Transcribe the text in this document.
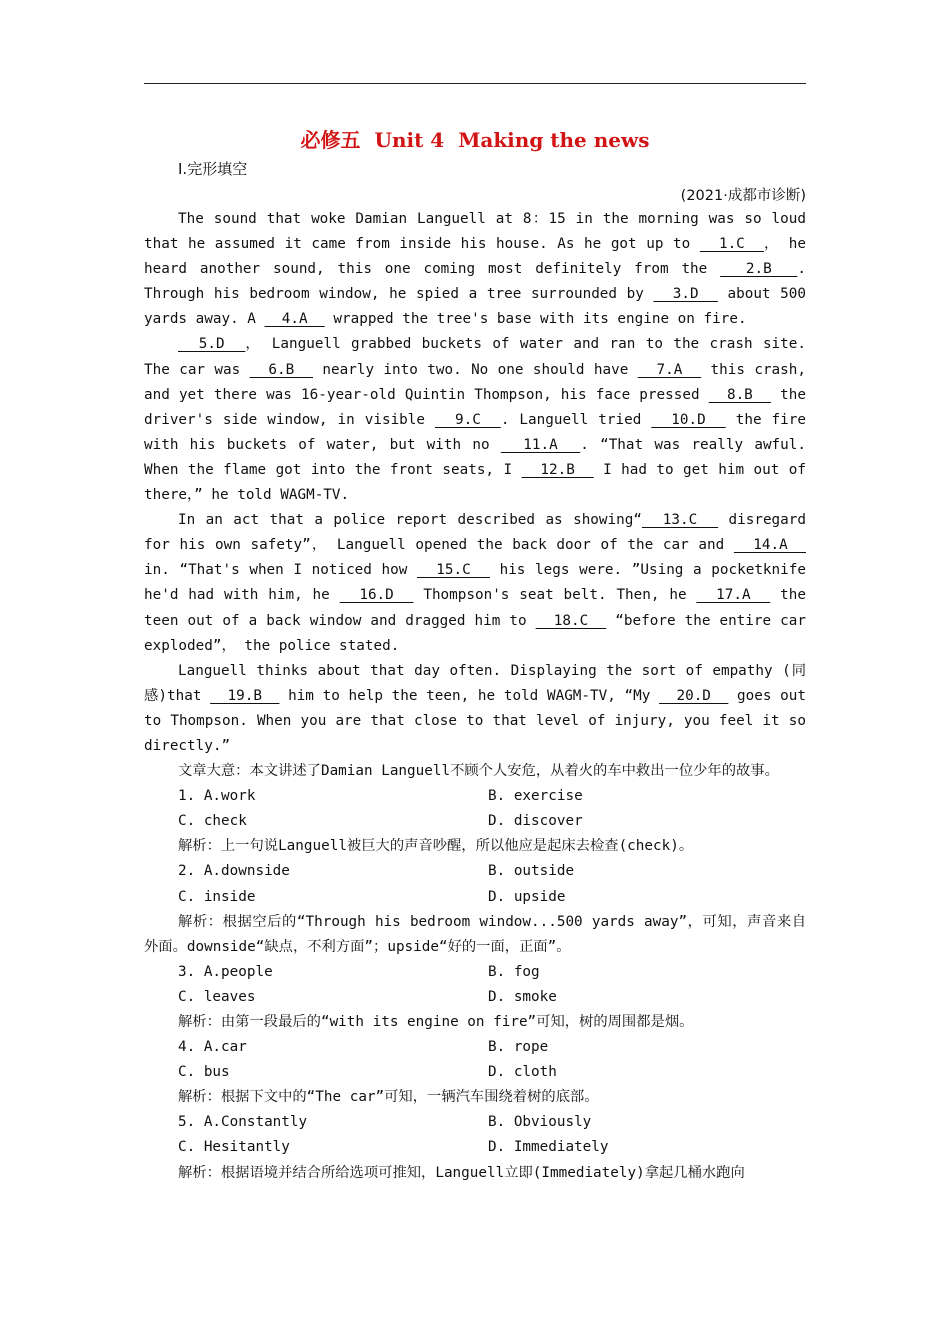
必修五 Unit 4 Making the news
Ⅰ.完形填空
(2021·成都市诊断)

The sound that woke Damian Languell at 8：15 in the morning was so loud that he assumed it came from inside his house. As he got up to   1.C  ， he heard another sound, this one coming most definitely from the   2.B  . Through his bedroom window, he spied a tree surrounded by   3.D   about 500 yards away. A   4.A   wrapped the tree's base with its engine on fire.

5.D  ， Languell grabbed buckets of water and ran to the crash site. The car was   6.B   nearly into two. No one should have   7.A   this crash, and yet there was 16-year-old Quintin Thompson, his face pressed   8.B   the driver's side window, in visible   9.C  . Languell tried   10.D   the fire with his buckets of water, but with no   11.A  . “That was really awful. When the flame got into the front seats, I   12.B   I had to get him out of there，” he told WAGM-TV.

In an act that a police report described as showing“  13.C   disregard for his own safety”， Languell opened the back door of the car and   14.A   in. “That's when I noticed how   15.C   his legs were. ”Using a pocketknife he'd had with him, he   16.D   Thompson's seat belt. Then, he   17.A   the teen out of a back window and dragged him to   18.C   “before the entire car exploded”， the police stated.

Languell thinks about that day often. Displaying the sort of empathy (同感)that   19.B   him to help the teen, he told WAGM-TV, “My   20.D   goes out to Thompson. When you are that close to that level of injury, you feel it so directly.”

文章大意：本文讲述了Damian Languell不顾个人安危，从着火的车中救出一位少年的故事。

1. A.work	B. exercise
C. check	D. discover

解析：上一句说Languell被巨大的声音吵醒，所以他应是起床去检查(check)。

2. A.downside	B. outside
C. inside	D. upside

解析：根据空后的“Through his bedroom window...500 yards away”，可知，声音来自外面。downside“缺点，不利方面”；upside“好的一面，正面”。

3. A.people	B. fog
C. leaves	D. smoke

解析：由第一段最后的“with its engine on fire”可知，树的周围都是烟。

4. A.car	B. rope
C. bus	D. cloth

解析：根据下文中的“The car”可知，一辆汽车围绕着树的底部。

5. A.Constantly	B. Obviously
C. Hesitantly	D. Immediately

解析：根据语境并结合所给选项可推知，Languell立即(Immediately)拿起几桶水跑向
